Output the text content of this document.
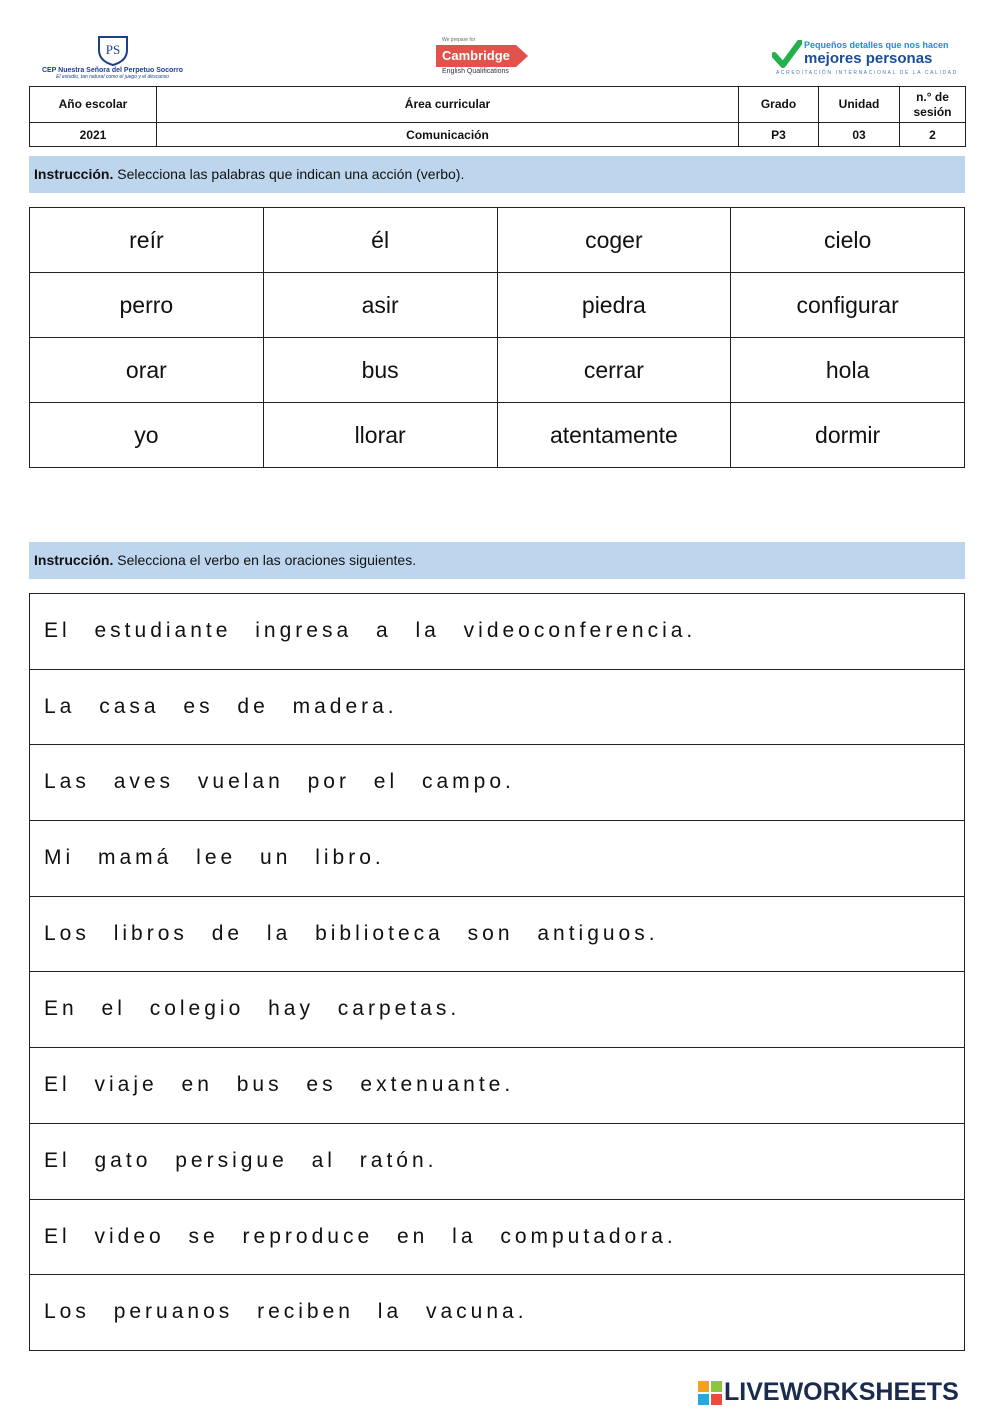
PS
CEP Nuestra Señora del Perpetuo Socorro
El estudio, tan natural como el juego y el descanso
We prepare for
Cambridge
English Qualifications
Pequeños detalles que nos hacen
mejores personas
ACREDITACIÓN INTERNACIONAL DE LA CALIDAD
Año escolar	Área curricular	Grado	Unidad	n.° de sesión
2021	Comunicación	P3	03	2
Instrucción. Selecciona las palabras que indican una acción (verbo).
reír	él	coger	cielo
perro	asir	piedra	configurar
orar	bus	cerrar	hola
yo	llorar	atentamente	dormir
Instrucción. Selecciona el verbo en las oraciones siguientes.
El estudiante ingresa a la videoconferencia.
La casa es de madera.
Las aves vuelan por el campo.
Mi mamá lee un libro.
Los libros de la biblioteca son antiguos.
En el colegio hay carpetas.
El viaje en bus es extenuante.
El gato persigue al ratón.
El video se reproduce en la computadora.
Los peruanos reciben la vacuna.
LIVEWORKSHEETS
